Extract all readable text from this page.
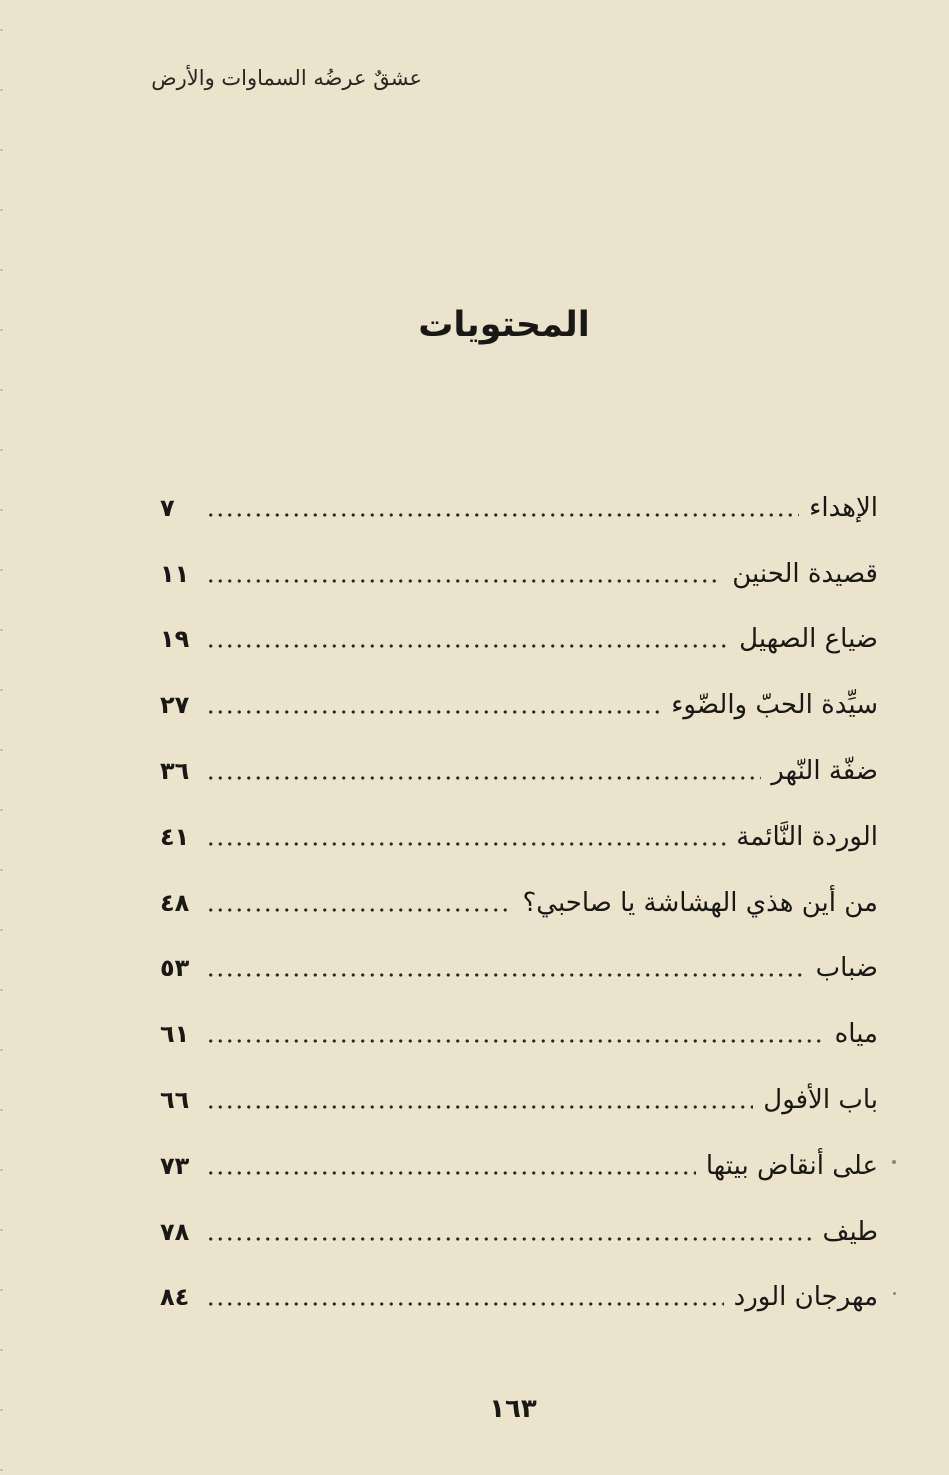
عشقٌ عرضُه السماوات والأرض
المحتويات
الإهداء
٧
قصيدة الحنين
١١
ضياع الصهيل
١٩
سيِّدة الحبّ والضّوء
٢٧
ضفّة النّهر
٣٦
الوردة النَّائمة
٤١
من أين هذي الهشاشة يا صاحبي؟
٤٨
ضباب
٥٣
مياه
٦١
باب الأفول
٦٦
على أنقاض بيتها
٧٣
طيف
٧٨
مهرجان الورد
٨٤
١٦٣
